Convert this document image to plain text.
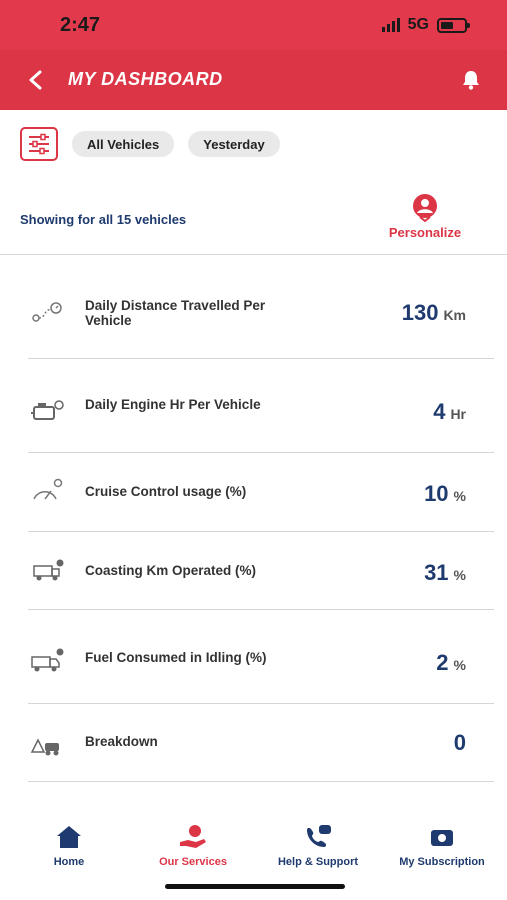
2:47	5G
MY DASHBOARD
All Vehicles	Yesterday
Showing for all 15 vehicles
Personalize
Daily Distance Travelled Per Vehicle	130 Km
Daily Engine Hr Per Vehicle	4 Hr
Cruise Control usage (%)	10 %
Coasting Km Operated (%)	31 %
Fuel Consumed in Idling (%)	2 %
Breakdown	0
Home	Our Services	Help & Support	My Subscription
